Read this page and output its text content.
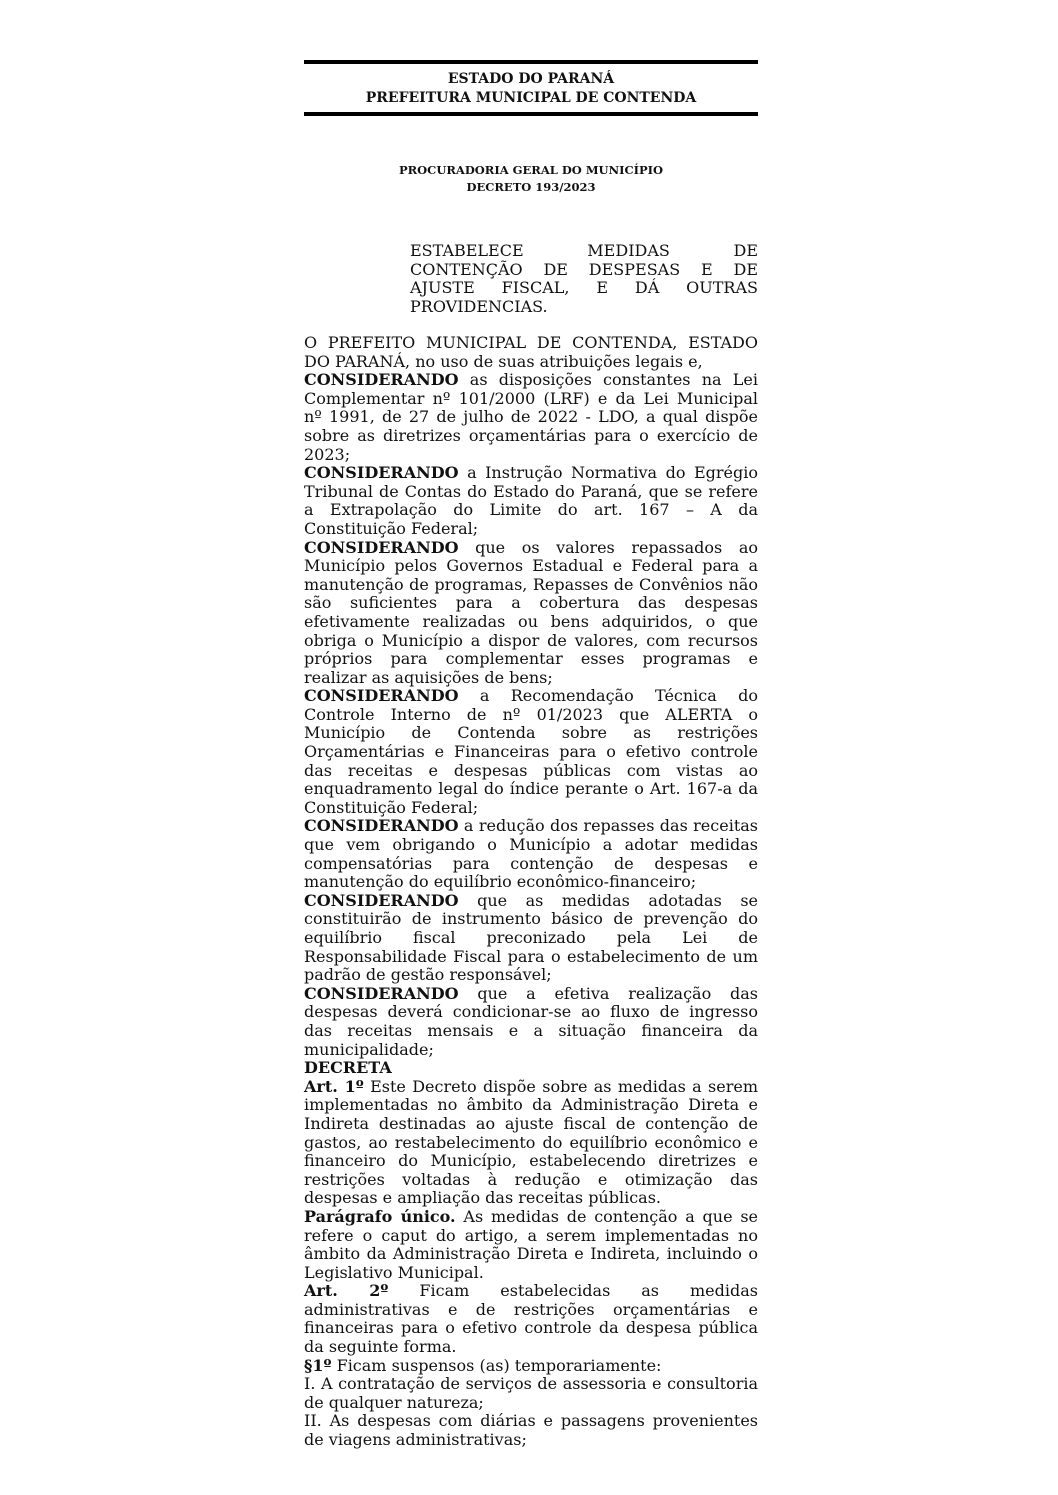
ESTADO DO PARANÁ
PREFEITURA MUNICIPAL DE CONTENDA
PROCURADORIA GERAL DO MUNICÍPIO
DECRETO 193/2023
ESTABELECE MEDIDAS DE CONTENÇÃO DE DESPESAS E DE AJUSTE FISCAL, E DÁ OUTRAS PROVIDENCIAS.

O PREFEITO MUNICIPAL DE CONTENDA, ESTADO DO PARANÁ, no uso de suas atribuições legais e,

CONSIDERANDO as disposições constantes na Lei Complementar nº 101/2000 (LRF) e da Lei Municipal nº 1991, de 27 de julho de 2022 - LDO, a qual dispõe sobre as diretrizes orçamentárias para o exercício de 2023;

CONSIDERANDO a Instrução Normativa do Egrégio Tribunal de Contas do Estado do Paraná, que se refere a Extrapolação do Limite do art. 167 – A da Constituição Federal;

CONSIDERANDO que os valores repassados ao Município pelos Governos Estadual e Federal para a manutenção de programas, Repasses de Convênios não são suficientes para a cobertura das despesas efetivamente realizadas ou bens adquiridos, o que obriga o Município a dispor de valores, com recursos próprios para complementar esses programas e realizar as aquisições de bens;

CONSIDERANDO a Recomendação Técnica do Controle Interno de nº 01/2023 que ALERTA o Município de Contenda sobre as restrições Orçamentárias e Financeiras para o efetivo controle das receitas e despesas públicas com vistas ao enquadramento legal do índice perante o Art. 167-a da Constituição Federal;

CONSIDERANDO a redução dos repasses das receitas que vem obrigando o Município a adotar medidas compensatórias para contenção de despesas e manutenção do equilíbrio econômico-financeiro;

CONSIDERANDO que as medidas adotadas se constituirão de instrumento básico de prevenção do equilíbrio fiscal preconizado pela Lei de Responsabilidade Fiscal para o estabelecimento de um padrão de gestão responsável;

CONSIDERANDO que a efetiva realização das despesas deverá condicionar-se ao fluxo de ingresso das receitas mensais e a situação financeira da municipalidade;

DECRETA

Art. 1º Este Decreto dispõe sobre as medidas a serem implementadas no âmbito da Administração Direta e Indireta destinadas ao ajuste fiscal de contenção de gastos, ao restabelecimento do equilíbrio econômico e financeiro do Município, estabelecendo diretrizes e restrições voltadas à redução e otimização das despesas e ampliação das receitas públicas.

Parágrafo único. As medidas de contenção a que se refere o caput do artigo, a serem implementadas no âmbito da Administração Direta e Indireta, incluindo o Legislativo Municipal.

Art. 2º Ficam estabelecidas as medidas administrativas e de restrições orçamentárias e financeiras para o efetivo controle da despesa pública da seguinte forma.

§1º Ficam suspensos (as) temporariamente:

I. A contratação de serviços de assessoria e consultoria de qualquer natureza;

II. As despesas com diárias e passagens provenientes de viagens administrativas;
